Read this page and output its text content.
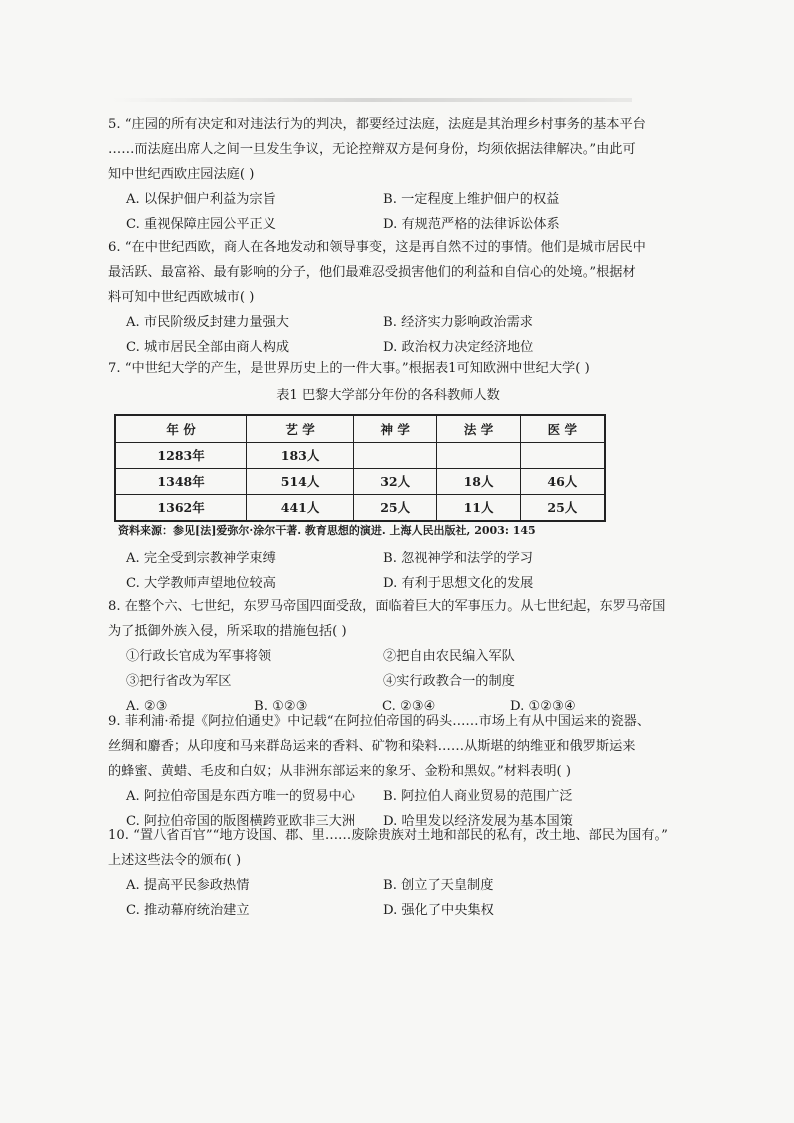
5. “庄园的所有决定和对违法行为的判决，都要经过法庭，法庭是其治理乡村事务的基本平台

……而法庭出席人之间一旦发生争议，无论控辩双方是何身份，均须依据法律解决。”由此可

知中世纪西欧庄园法庭( )

A. 以保护佃户利益为宗旨	B. 一定程度上维护佃户的权益
C. 重视保障庄园公平正义	D. 有规范严格的法律诉讼体系

6. “在中世纪西欧，商人在各地发动和领导事变，这是再自然不过的事情。他们是城市居民中

最活跃、最富裕、最有影响的分子，他们最难忍受损害他们的利益和自信心的处境。”根据材

料可知中世纪西欧城市( )

A. 市民阶级反封建力量强大	B. 经济实力影响政治需求
C. 城市居民全部由商人构成	D. 政治权力决定经济地位

7. “中世纪大学的产生，是世界历史上的一件大事。”根据表1可知欧洲中世纪大学( )

表1 巴黎大学部分年份的各科教师人数
年 份	艺 学	神 学	法 学	医 学
1283年	183人			
1348年	514人	32人	18人	46人
1362年	441人	25人	11人	25人
资料来源：参见[法]爱弥尔·涂尔干著. 教育思想的演进. 上海人民出版社, 2003: 145
A. 完全受到宗教神学束缚	B. 忽视神学和法学的学习
C. 大学教师声望地位较高	D. 有利于思想文化的发展

8. 在整个六、七世纪，东罗马帝国四面受敌，面临着巨大的军事压力。从七世纪起，东罗马帝国

为了抵御外族入侵，所采取的措施包括( )

①行政长官成为军事将领	②把自由农民编入军队
③把行省改为军区	④实行政教合一的制度
A. ②③	B. ①②③	C. ②③④	D. ①②③④

9. 菲利浦·希提《阿拉伯通史》中记载“在阿拉伯帝国的码头……市场上有从中国运来的瓷器、

丝绸和麝香；从印度和马来群岛运来的香料、矿物和染料……从斯堪的纳维亚和俄罗斯运来

的蜂蜜、黄蜡、毛皮和白奴；从非洲东部运来的象牙、金粉和黑奴。”材料表明( )

A. 阿拉伯帝国是东西方唯一的贸易中心	B. 阿拉伯人商业贸易的范围广泛
C. 阿拉伯帝国的版图横跨亚欧非三大洲	D. 哈里发以经济发展为基本国策

10. “置八省百官”“地方设国、郡、里……废除贵族对土地和部民的私有，改土地、部民为国有。”

上述这些法令的颁布( )

A. 提高平民参政热情	B. 创立了天皇制度
C. 推动幕府统治建立	D. 强化了中央集权
